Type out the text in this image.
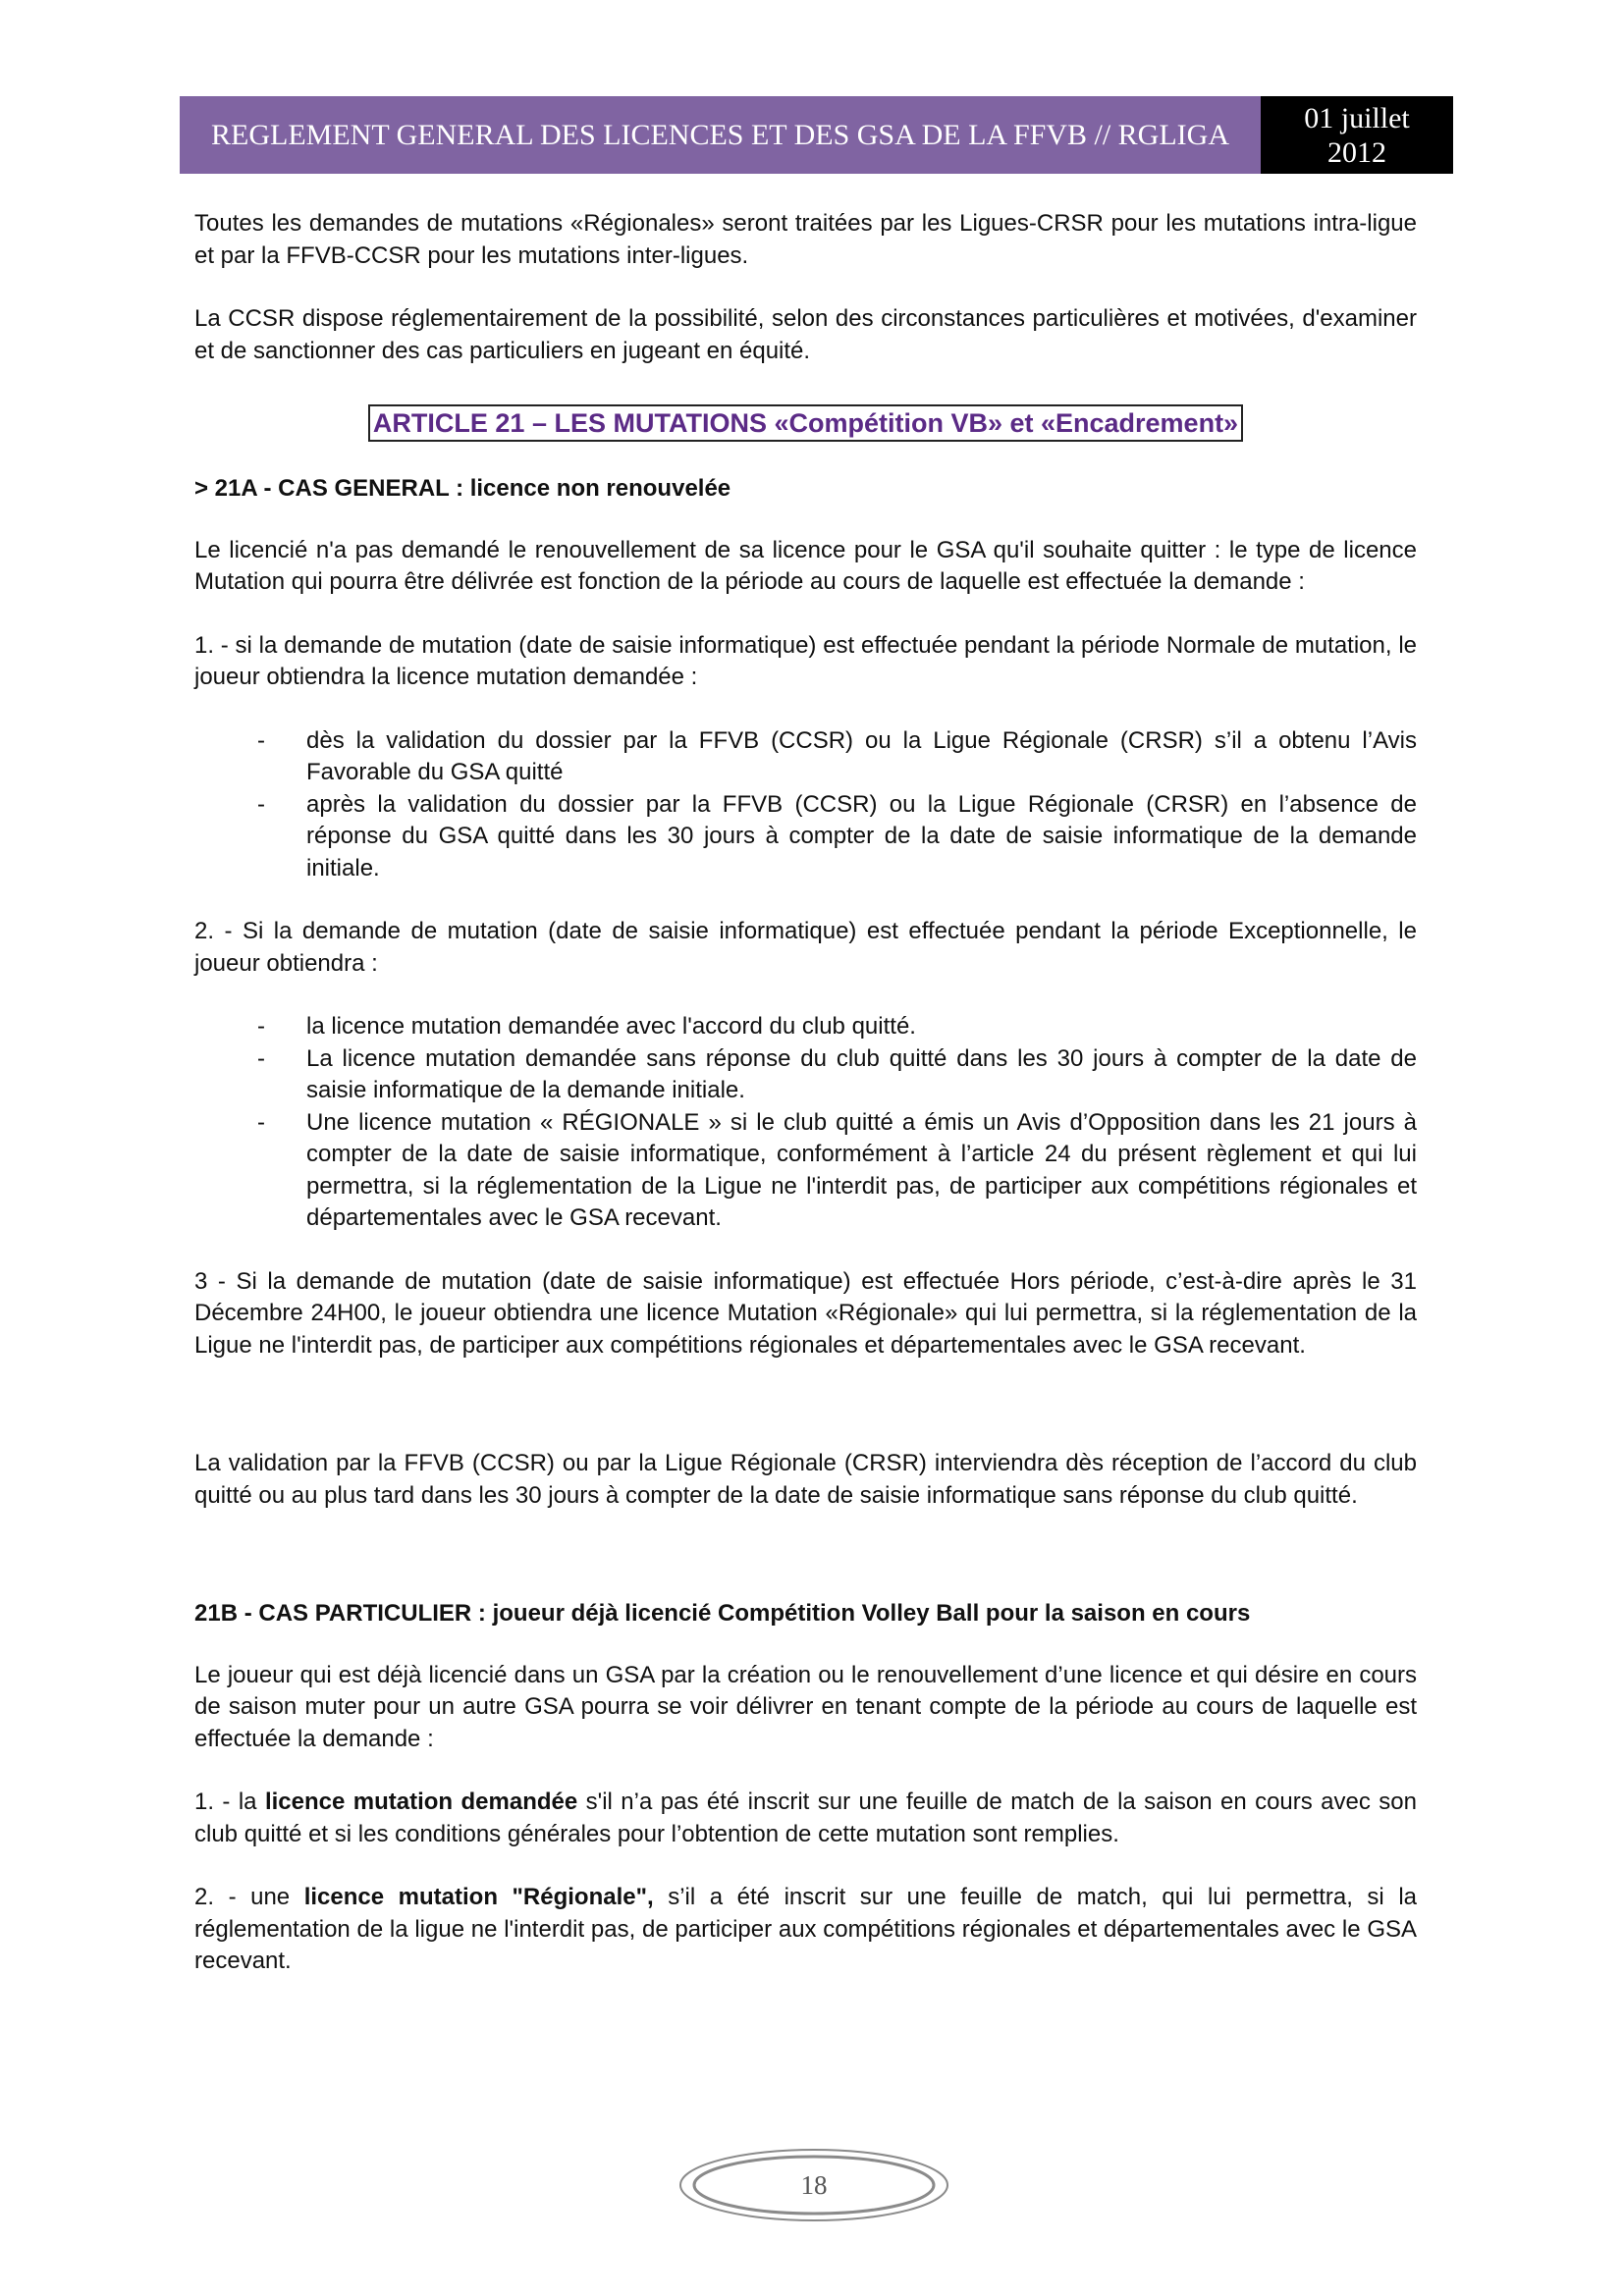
REGLEMENT GENERAL DES LICENCES ET DES GSA DE LA FFVB // RGLIGA
01 juillet
2012

Toutes les demandes de mutations «Régionales» seront traitées par les Ligues-CRSR pour les mutations intra-ligue et par la FFVB-CCSR pour les mutations inter-ligues.

La CCSR dispose réglementairement de la possibilité, selon des circonstances particulières et motivées, d'examiner et de sanctionner des cas particuliers en jugeant en équité.

ARTICLE 21 – LES MUTATIONS «Compétition VB» et «Encadrement»
> 21A - CAS GENERAL : licence non renouvelée

Le licencié n'a pas demandé le renouvellement de sa licence pour le GSA qu'il souhaite quitter : le type de licence Mutation qui pourra être délivrée est fonction de la période au cours de laquelle est effectuée la demande :

1. - si la demande de mutation (date de saisie informatique) est effectuée pendant la période Normale de mutation, le joueur obtiendra la licence mutation demandée :

- dès la validation du dossier par la FFVB (CCSR) ou la Ligue Régionale (CRSR) s’il a obtenu l’Avis Favorable du GSA quitté
- après la validation du dossier par la FFVB (CCSR) ou la Ligue Régionale (CRSR) en l’absence de réponse du GSA quitté dans les 30 jours à compter de la date de saisie informatique de la demande initiale.

2. - Si la demande de mutation (date de saisie informatique) est effectuée pendant la période Exceptionnelle, le joueur obtiendra :

- la licence mutation demandée avec l'accord du club quitté.
- La licence mutation demandée sans réponse du club quitté dans les 30 jours à compter de la date de saisie informatique de la demande initiale.
- Une licence mutation « RÉGIONALE » si le club quitté a émis un Avis d’Opposition dans les 21 jours à compter de la date de saisie informatique, conformément à l’article 24 du présent règlement et qui lui permettra, si la réglementation de la Ligue ne l'interdit pas, de participer aux compétitions régionales et départementales avec le GSA recevant.

3 - Si la demande de mutation (date de saisie informatique) est effectuée Hors période, c’est-à-dire après le 31 Décembre 24H00, le joueur obtiendra une licence Mutation «Régionale» qui lui permettra, si la réglementation de la Ligue ne l'interdit pas, de participer aux compétitions régionales et départementales avec le GSA recevant.

La validation par la FFVB (CCSR) ou par la Ligue Régionale (CRSR) interviendra dès réception de l’accord du club quitté ou au plus tard dans les 30 jours à compter de la date de saisie informatique sans réponse du club quitté.

21B - CAS PARTICULIER : joueur déjà licencié Compétition Volley Ball pour la saison en cours

Le joueur qui est déjà licencié dans un GSA par la création ou le renouvellement d’une licence et qui désire en cours de saison muter pour un autre GSA pourra se voir délivrer en tenant compte de la période au cours de laquelle est effectuée la demande :

1. - la licence mutation demandée s'il n’a pas été inscrit sur une feuille de match de la saison en cours avec son club quitté et si les conditions générales pour l’obtention de cette mutation sont remplies.

2. - une licence mutation "Régionale", s’il a été inscrit sur une feuille de match, qui lui permettra, si la réglementation de la ligue ne l'interdit pas, de participer aux compétitions régionales et départementales avec le GSA recevant.

18
